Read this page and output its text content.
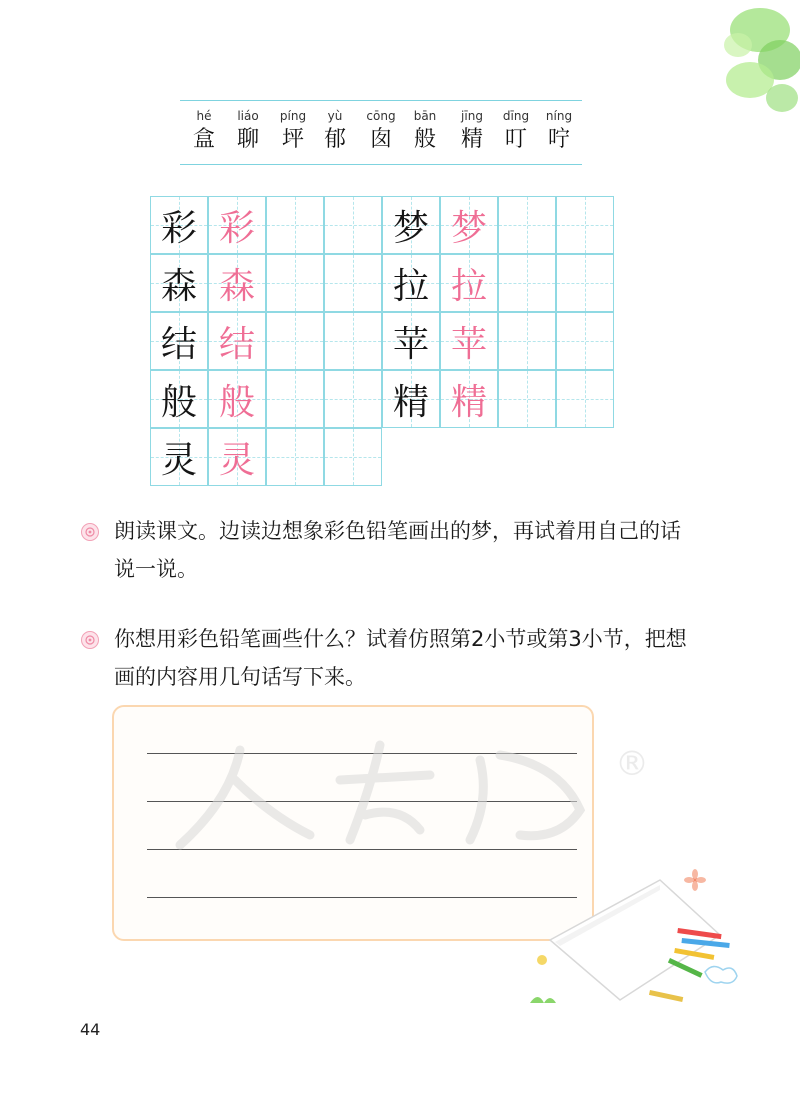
hé
盒
liáo
聊
píng
坪
yù
郁
cōng
囱
bān
般
jīng
精
dīng
叮
níng
咛
彩 彩
森 森
结 结
般 般
灵 灵
梦 梦
拉 拉
苹 苹
精 精
朗读课文。边读边想象彩色铅笔画出的梦，再试着用自己的话说一说。
你想用彩色铅笔画些什么？试着仿照第2小节或第3小节，把想画的内容用几句话写下来。
®
44
